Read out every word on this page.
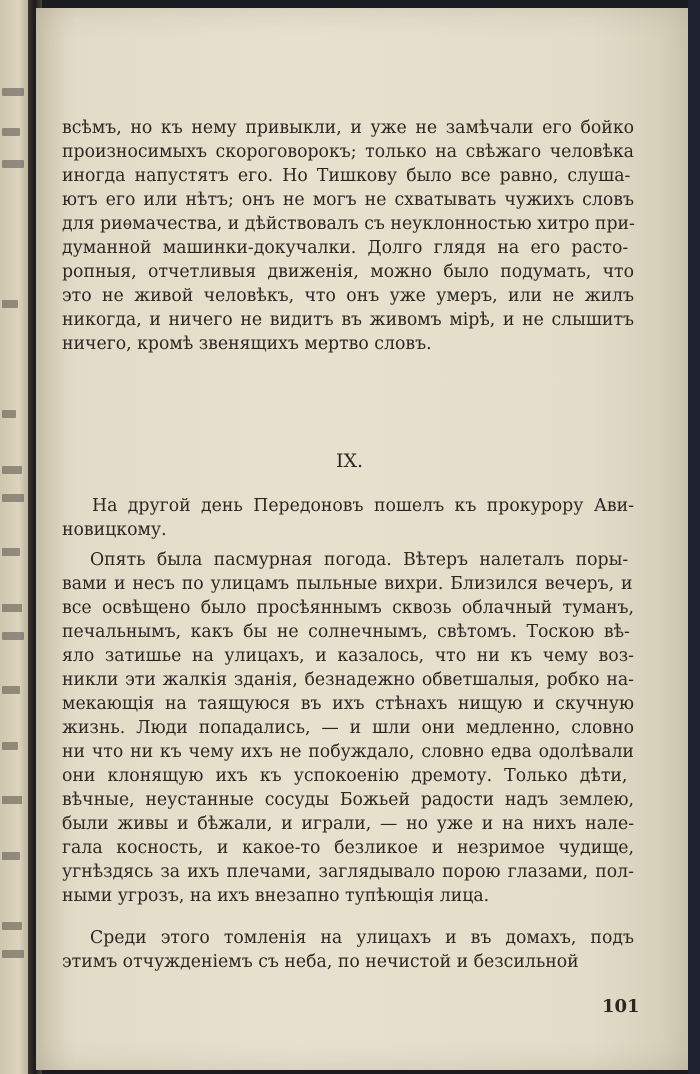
всѣмъ, но къ нему привыкли, и уже не замѣчали его бойко
произносимыхъ скороговорокъ; только на свѣжаго человѣка
иногда напустятъ его. Но Тишкову было все равно, слуша-
ютъ его или нѣтъ; онъ не могъ не схватывать чужихъ словъ
для риѳмачества, и дѣйствовалъ съ неуклонностью хитро при-
думанной машинки-докучалки. Долго глядя на его расто-
ропныя, отчетливыя движенія, можно было подумать, что
это не живой человѣкъ, что онъ уже умеръ, или не жилъ
никогда, и ничего не видитъ въ живомъ мірѣ, и не слышитъ
ничего, кромѣ звенящихъ мертво словъ.
IX.
На другой день Передоновъ пошелъ къ прокурору Ави-
новицкому.
Опять была пасмурная погода. Вѣтеръ налеталъ поры-
вами и несъ по улицамъ пыльные вихри. Близился вечеръ, и
все освѣщено было просѣяннымъ сквозь облачный туманъ,
печальнымъ, какъ бы не солнечнымъ, свѣтомъ. Тоскою вѣ-
яло затишье на улицахъ, и казалось, что ни къ чему воз-
никли эти жалкія зданія, безнадежно обветшалыя, робко на-
мекающія на таящуюся въ ихъ стѣнахъ нищую и скучную
жизнь. Люди попадались, — и шли они медленно, словно
ни что ни къ чему ихъ не побуждало, словно едва одолѣвали
они клонящую ихъ къ успокоенію дремоту. Только дѣти,
вѣчные, неустанные сосуды Божьей радости надъ землею,
были живы и бѣжали, и играли, — но уже и на нихъ нале-
гала косность, и какое-то безликое и незримое чудище,
угнѣздясь за ихъ плечами, заглядывало порою глазами, пол-
ными угрозъ, на ихъ внезапно тупѣющія лица.
Среди этого томленія на улицахъ и въ домахъ, подъ
этимъ отчужденіемъ съ неба, по нечистой и безсильной
101
